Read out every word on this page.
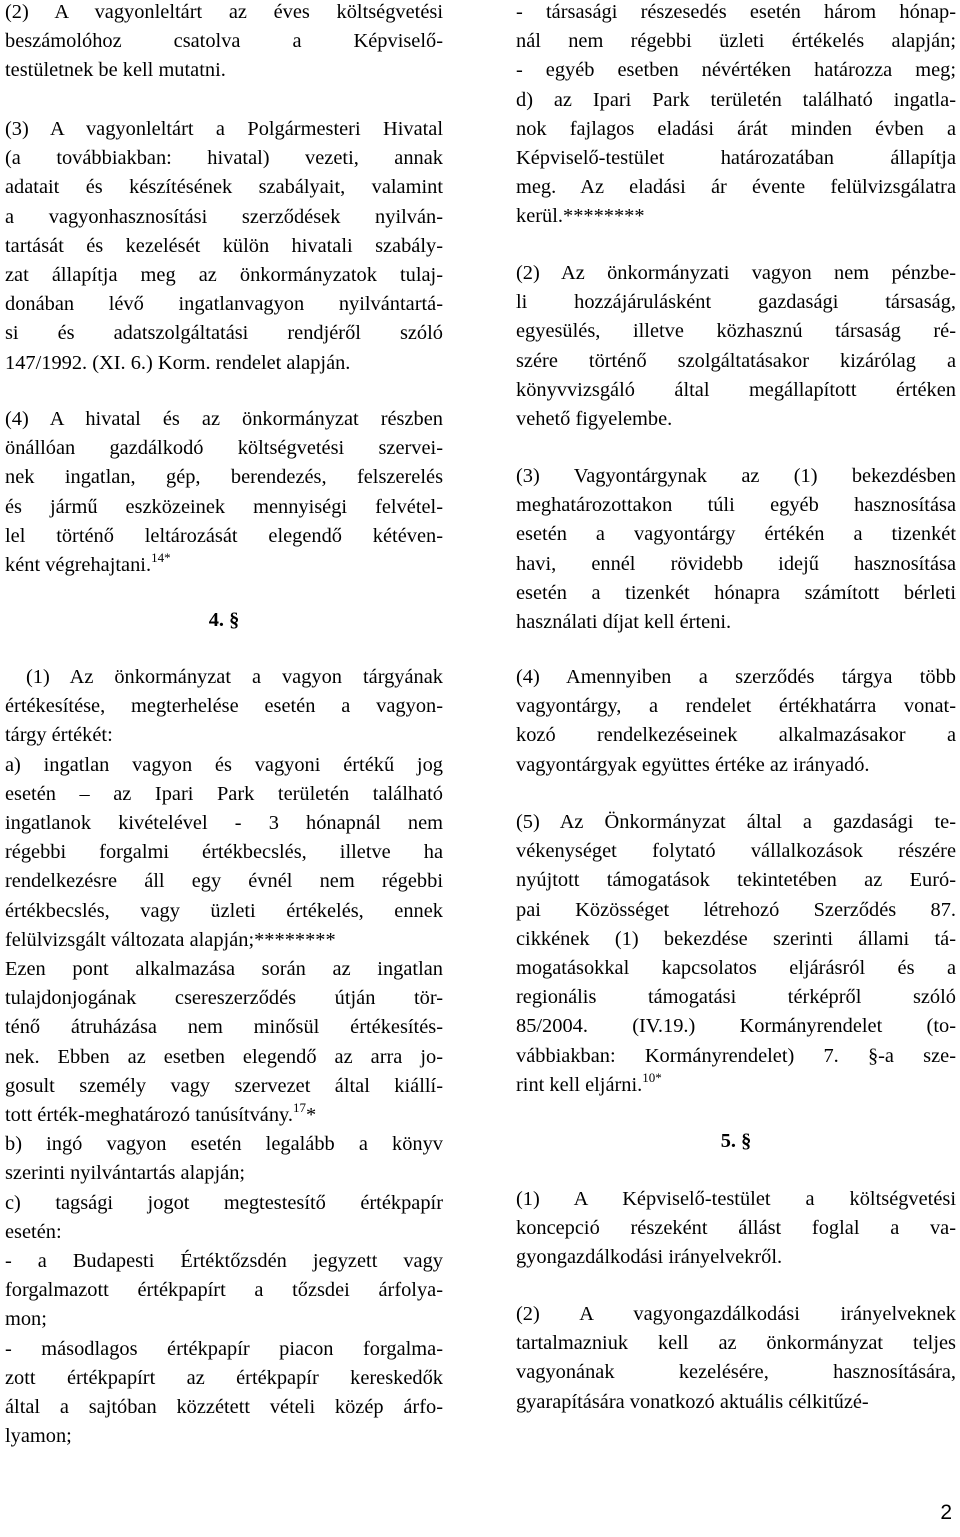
(2) A vagyonleltárt az éves költségvetési
beszámolóhoz csatolva a Képviselő-
testületnek be kell mutatni.
(3) A vagyonleltárt a Polgármesteri Hivatal
(a továbbiakban: hivatal) vezeti, annak
adatait és készítésének szabályait, valamint
a vagyonhasznosítási szerződések nyilván-
tartását és kezelését külön hivatali szabály-
zat állapítja meg az önkormányzatok tulaj-
donában lévő ingatlanvagyon nyilvántartá-
si és adatszolgáltatási rendjéről szóló
147/1992. (XI. 6.) Korm. rendelet alapján.
(4) A hivatal és az önkormányzat részben
önállóan gazdálkodó költségvetési szervei-
nek ingatlan, gép, berendezés, felszerelés
és jármű eszközeinek mennyiségi felvétel-
lel történő leltározását elegendő kétéven-
ként végrehajtani.$^{14*}$
4. §
(1) Az önkormányzat a vagyon tárgyának
értékesítése, megterhelése esetén a vagyon-
tárgy értékét:
a) ingatlan vagyon és vagyoni értékű jog
esetén – az Ipari Park területén található
ingatlanok kivételével - 3 hónapnál nem
régebbi forgalmi értékbecslés, illetve ha
rendelkezésre áll egy évnél nem régebbi
értékbecslés, vagy üzleti értékelés, ennek
felülvizsgált változata alapján;********
Ezen pont alkalmazása során az ingatlan
tulajdonjogának csereszerződés útján tör-
ténő átruházása nem minősül értékesítés-
nek. Ebben az esetben elegendő az arra jo-
gosult személy vagy szervezet által kiállí-
tott érték-meghatározó tanúsítvány.$^{17}$*
b) ingó vagyon esetén legalább a könyv
szerinti nyilvántartás alapján;
c) tagsági jogot megtestesítő értékpapír
esetén:
- a Budapesti Értéktőzsdén jegyzett vagy
forgalmazott értékpapírt a tőzsdei árfolya-
mon;
- másodlagos értékpapír piacon forgalma-
zott értékpapírt az értékpapír kereskedők
által a sajtóban közzétett vételi közép árfo-
lyamon;
- társasági részesedés esetén három hónap-
nál nem régebbi üzleti értékelés alapján;
- egyéb esetben névértéken határozza meg;
d) az Ipari Park területén található ingatla-
nok fajlagos eladási árát minden évben a
Képviselő-testület határozatában állapítja
meg. Az eladási ár évente felülvizsgálatra
kerül.********
(2) Az önkormányzati vagyon nem pénzbe-
li hozzájárulásként gazdasági társaság,
egyesülés, illetve közhasznú társaság ré-
szére történő szolgáltatásakor kizárólag a
könyvvizsgáló által megállapított értéken
vehető figyelembe.
(3) Vagyontárgynak az (1) bekezdésben
meghatározottakon túli egyéb hasznosítása
esetén a vagyontárgy értékén a tizenkét
havi, ennél rövidebb idejű hasznosítása
esetén a tizenkét hónapra számított bérleti
használati díjat kell érteni.
(4) Amennyiben a szerződés tárgya több
vagyontárgy, a rendelet értékhatárra vonat-
kozó rendelkezéseinek alkalmazásakor a
vagyontárgyak együttes értéke az irányadó.
(5) Az Önkormányzat által a gazdasági te-
vékenységet folytató vállalkozások részére
nyújtott támogatások tekintetében az Euró-
pai Közösséget létrehozó Szerződés 87.
cikkének (1) bekezdése szerinti állami tá-
mogatásokkal kapcsolatos eljárásról és a
regionális támogatási térképről szóló
85/2004. (IV.19.) Kormányrendelet (to-
vábbiakban: Kormányrendelet) 7. §-a sze-
rint kell eljárni.$^{10*}$
5. §
(1) A Képviselő-testület a költségvetési
koncepció részeként állást foglal a va-
gyongazdálkodási irányelvekről.
(2) A vagyongazdálkodási irányelveknek
tartalmazniuk kell az önkormányzat teljes
vagyonának kezelésére, hasznosítására,
gyarapítására vonatkozó aktuális célkitűzé-
2
